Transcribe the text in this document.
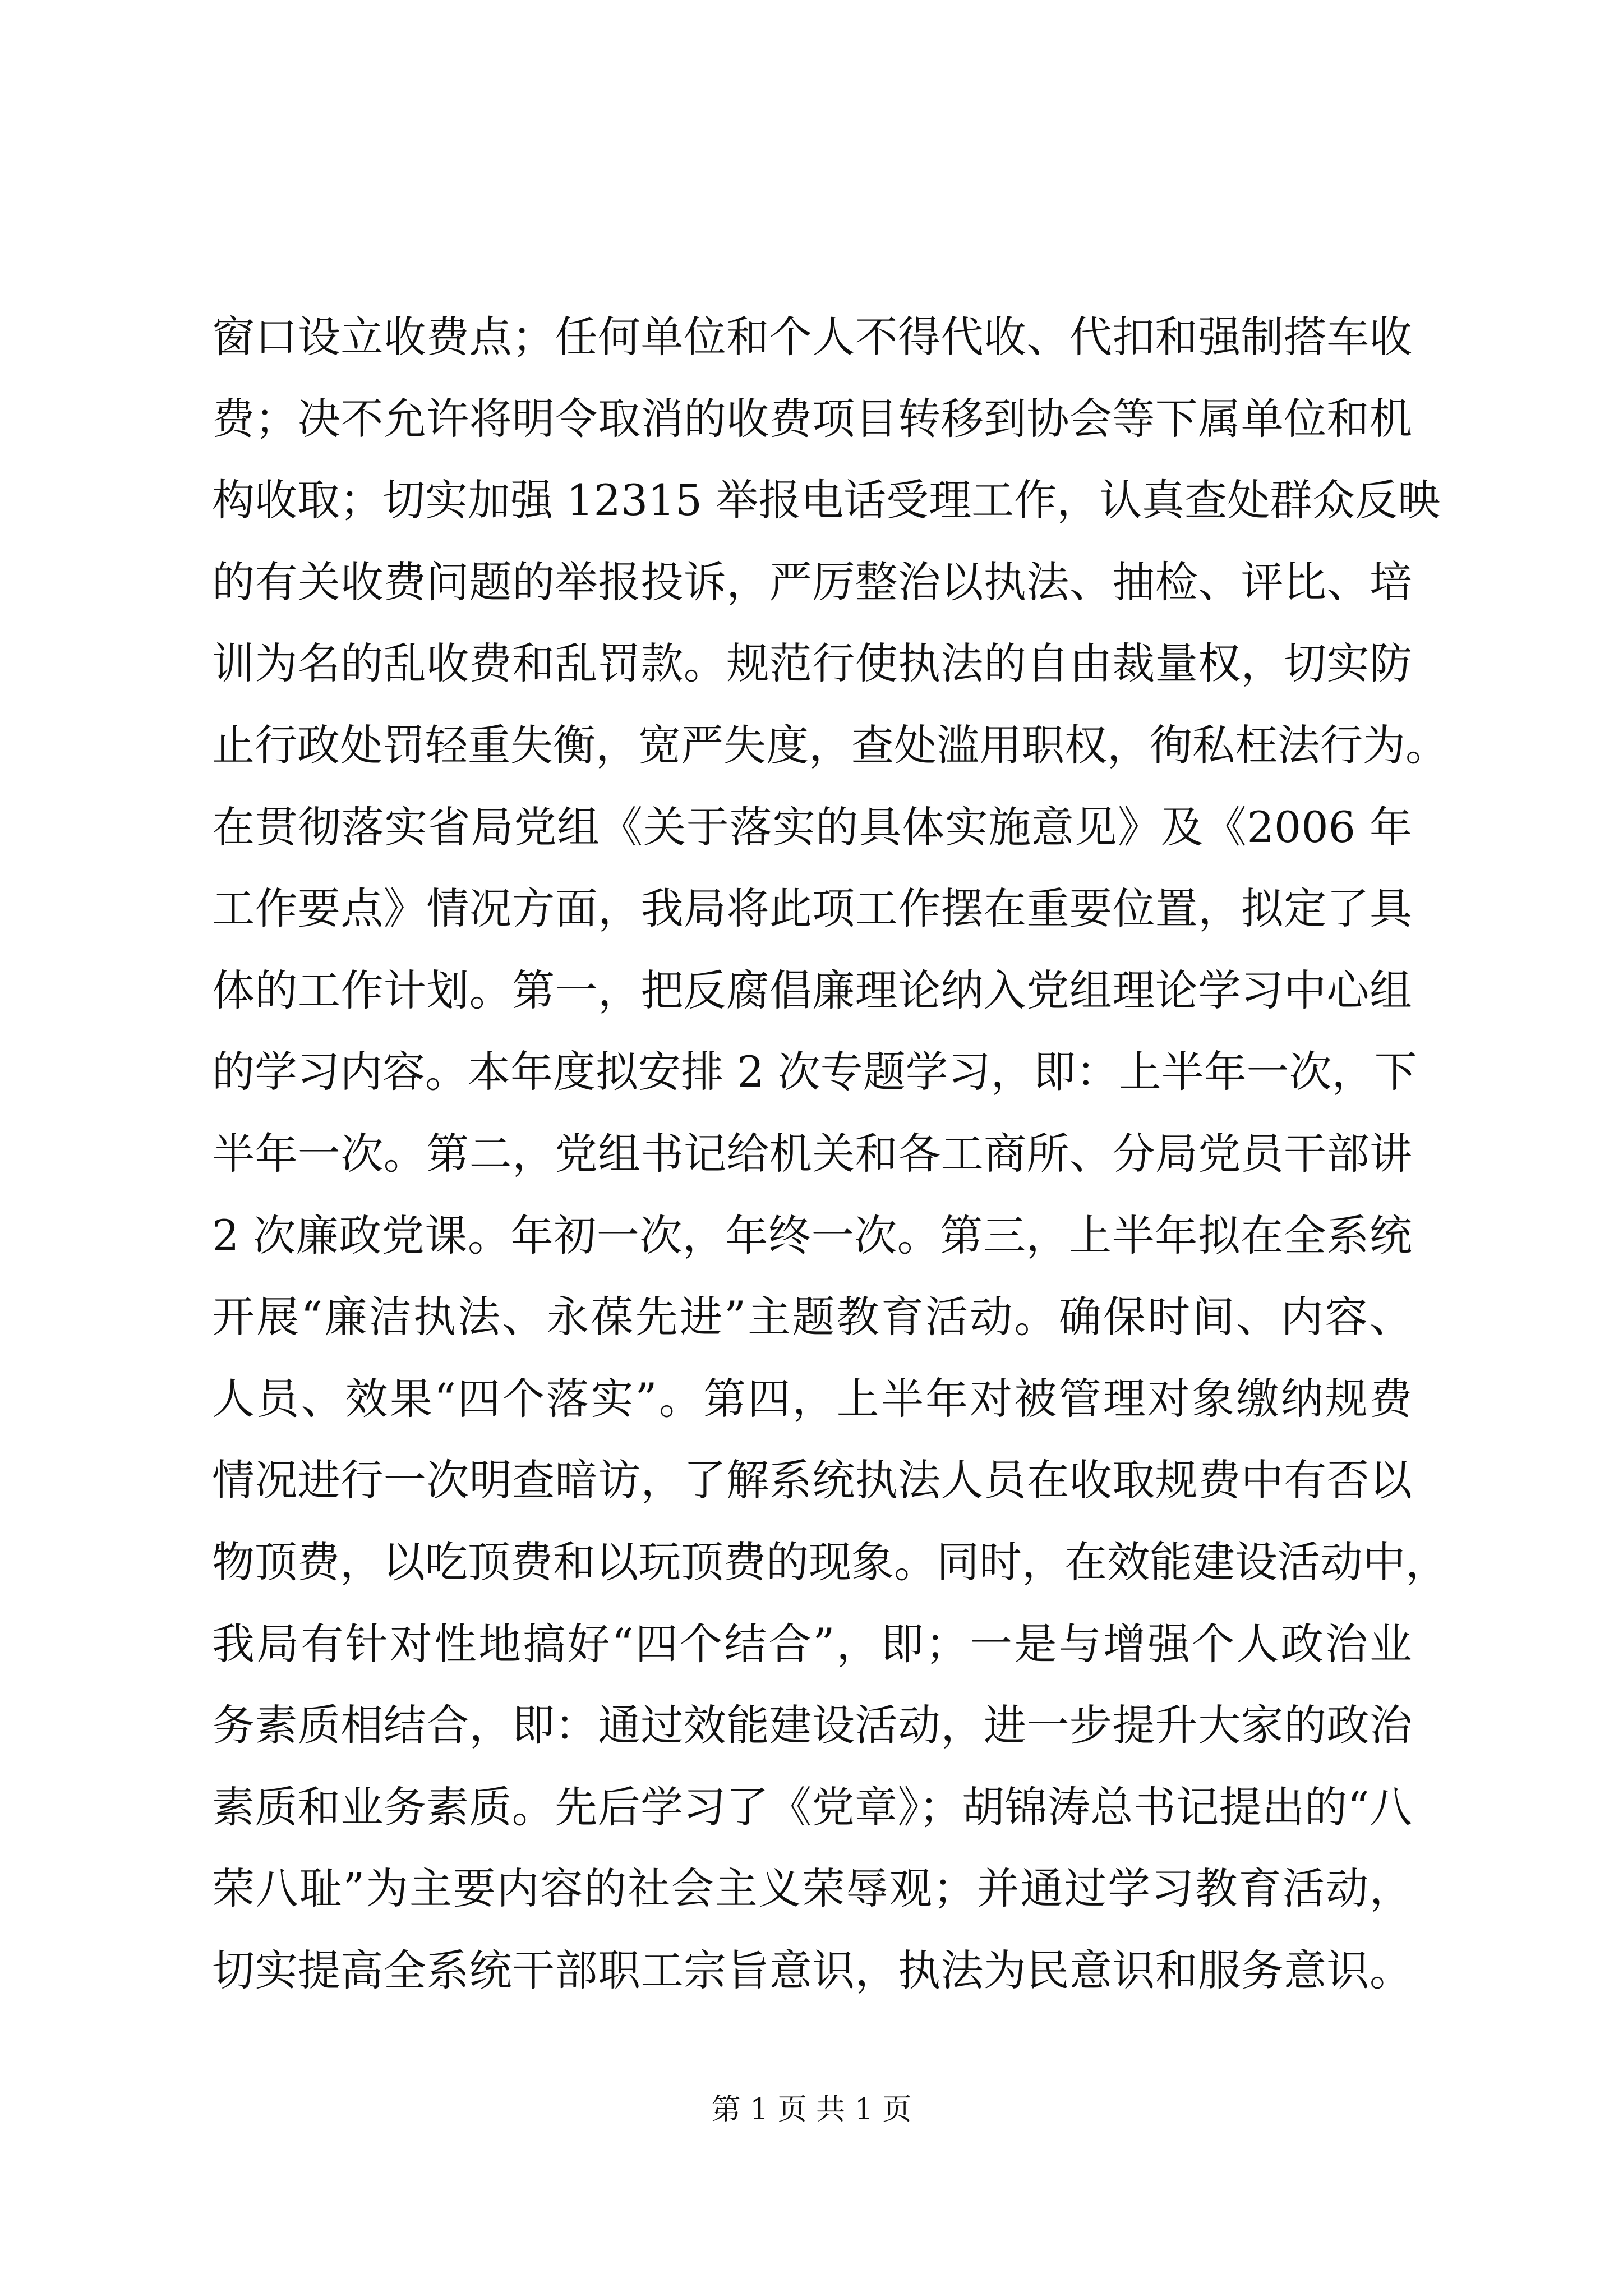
窗口设立收费点；任何单位和个人不得代收、代扣和强制搭车收
费；决不允许将明令取消的收费项目转移到协会等下属单位和机
构收取；切实加强 12315 举报电话受理工作，认真查处群众反映
的有关收费问题的举报投诉，严厉整治以执法、抽检、评比、培
训为名的乱收费和乱罚款。规范行使执法的自由裁量权，切实防
止行政处罚轻重失衡，宽严失度，查处滥用职权，徇私枉法行为。
在贯彻落实省局党组《关于落实的具体实施意见》及《2006 年
工作要点》情况方面，我局将此项工作摆在重要位置，拟定了具
体的工作计划。第一，把反腐倡廉理论纳入党组理论学习中心组
的学习内容。本年度拟安排 2 次专题学习，即：上半年一次，下
半年一次。第二，党组书记给机关和各工商所、分局党员干部讲
2 次廉政党课。年初一次，年终一次。第三，上半年拟在全系统
开展“廉洁执法、永葆先进”主题教育活动。确保时间、内容、
人员、效果“四个落实”。第四，上半年对被管理对象缴纳规费
情况进行一次明查暗访，了解系统执法人员在收取规费中有否以
物顶费，以吃顶费和以玩顶费的现象。同时，在效能建设活动中，
我局有针对性地搞好“四个结合”，即；一是与增强个人政治业
务素质相结合，即：通过效能建设活动，进一步提升大家的政治
素质和业务素质。先后学习了《党章》；胡锦涛总书记提出的“八
荣八耻”为主要内容的社会主义荣辱观；并通过学习教育活动，
切实提高全系统干部职工宗旨意识，执法为民意识和服务意识。
第 1 页 共 1 页
